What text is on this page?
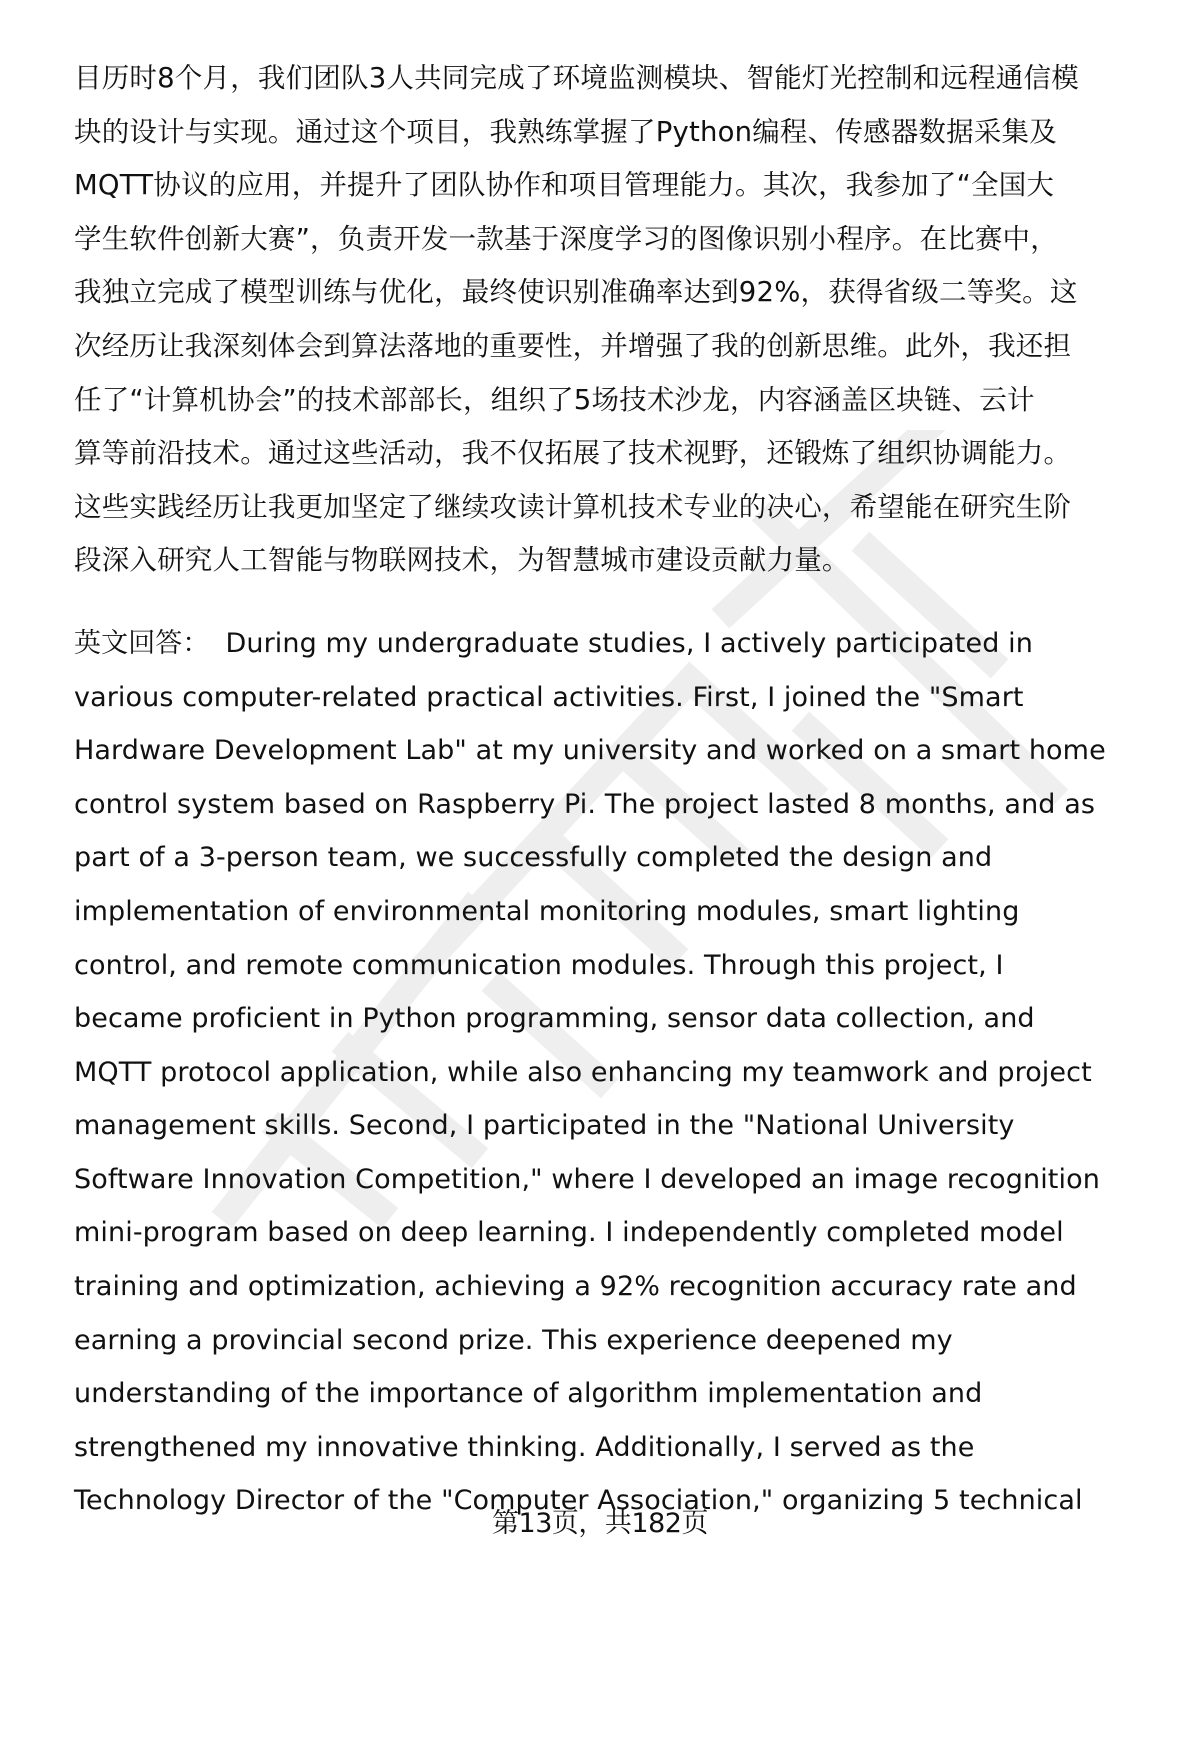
目历时8个月，我们团队3人共同完成了环境监测模块、智能灯光控制和远程通信模
块的设计与实现。通过这个项目，我熟练掌握了Python编程、传感器数据采集及
MQTT协议的应用，并提升了团队协作和项目管理能力。其次，我参加了“全国大
学生软件创新大赛”，负责开发一款基于深度学习的图像识别小程序。在比赛中，
我独立完成了模型训练与优化，最终使识别准确率达到92%，获得省级二等奖。这
次经历让我深刻体会到算法落地的重要性，并增强了我的创新思维。此外，我还担
任了“计算机协会”的技术部部长，组织了5场技术沙龙，内容涵盖区块链、云计
算等前沿技术。通过这些活动，我不仅拓展了技术视野，还锻炼了组织协调能力。
这些实践经历让我更加坚定了继续攻读计算机技术专业的决心，希望能在研究生阶
段深入研究人工智能与物联网技术，为智慧城市建设贡献力量。
英文回答： During my undergraduate studies, I actively participated in
various computer-related practical activities. First, I joined the "Smart
Hardware Development Lab" at my university and worked on a smart home
control system based on Raspberry Pi. The project lasted 8 months, and as
part of a 3-person team, we successfully completed the design and
implementation of environmental monitoring modules, smart lighting
control, and remote communication modules. Through this project, I
became proficient in Python programming, sensor data collection, and
MQTT protocol application, while also enhancing my teamwork and project
management skills. Second, I participated in the "National University
Software Innovation Competition," where I developed an image recognition
mini-program based on deep learning. I independently completed model
training and optimization, achieving a 92% recognition accuracy rate and
earning a provincial second prize. This experience deepened my
understanding of the importance of algorithm implementation and
strengthened my innovative thinking. Additionally, I served as the
Technology Director of the "Computer Association," organizing 5 technical
第13页，共182页
